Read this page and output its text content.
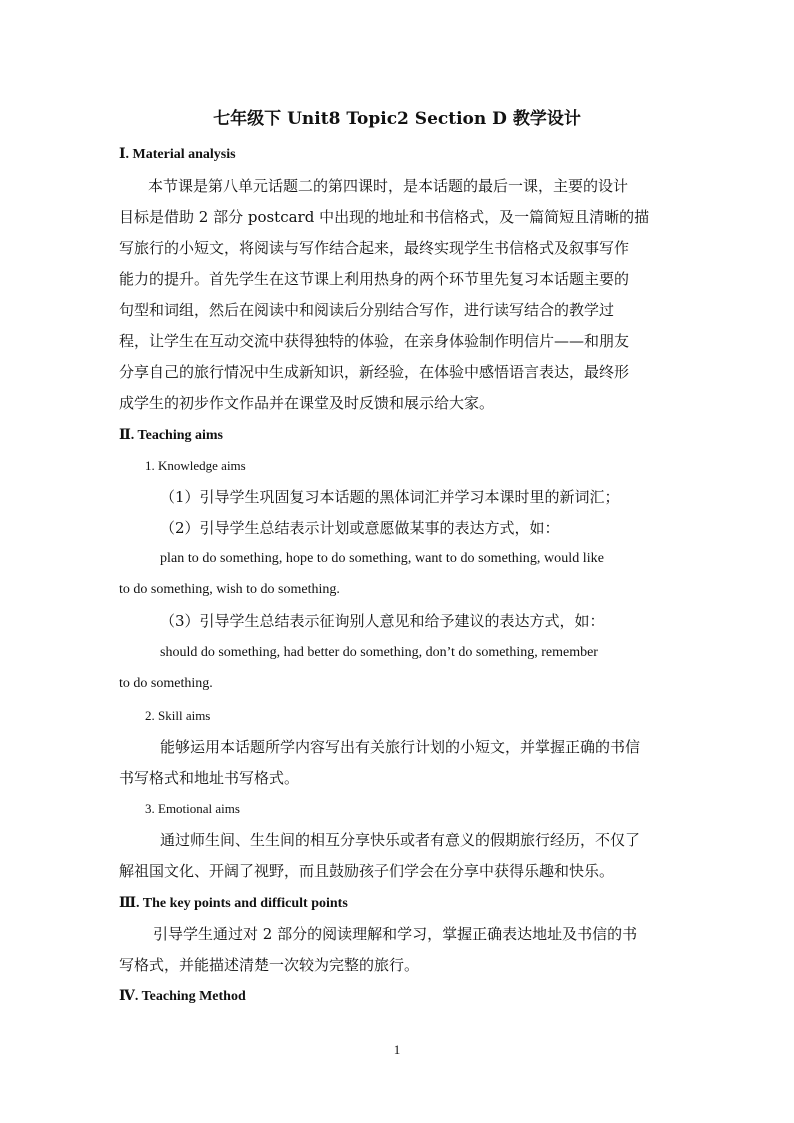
七年级下 Unit8 Topic2 Section D 教学设计
Ⅰ. Material analysis
本节课是第八单元话题二的第四课时，是本话题的最后一课，主要的设计
目标是借助 2 部分 postcard 中出现的地址和书信格式，及一篇简短且清晰的描
写旅行的小短文，将阅读与写作结合起来，最终实现学生书信格式及叙事写作
能力的提升。首先学生在这节课上利用热身的两个环节里先复习本话题主要的
句型和词组，然后在阅读中和阅读后分别结合写作，进行读写结合的教学过
程，让学生在互动交流中获得独特的体验，在亲身体验制作明信片——和朋友
分享自己的旅行情况中生成新知识，新经验，在体验中感悟语言表达，最终形
成学生的初步作文作品并在课堂及时反馈和展示给大家。
Ⅱ. Teaching aims
1. Knowledge aims
（1）引导学生巩固复习本话题的黑体词汇并学习本课时里的新词汇；
（2）引导学生总结表示计划或意愿做某事的表达方式，如：
plan to do something, hope to do something, want to do something, would like
to do something, wish to do something.
（3）引导学生总结表示征询别人意见和给予建议的表达方式，如：
should do something, had better do something, don’t do something, remember
to do something.
2. Skill aims
能够运用本话题所学内容写出有关旅行计划的小短文，并掌握正确的书信
书写格式和地址书写格式。
3. Emotional aims
通过师生间、生生间的相互分享快乐或者有意义的假期旅行经历，不仅了
解祖国文化、开阔了视野，而且鼓励孩子们学会在分享中获得乐趣和快乐。
Ⅲ. The key points and difficult points
引导学生通过对 2 部分的阅读理解和学习，掌握正确表达地址及书信的书
写格式，并能描述清楚一次较为完整的旅行。
Ⅳ. Teaching Method
1
